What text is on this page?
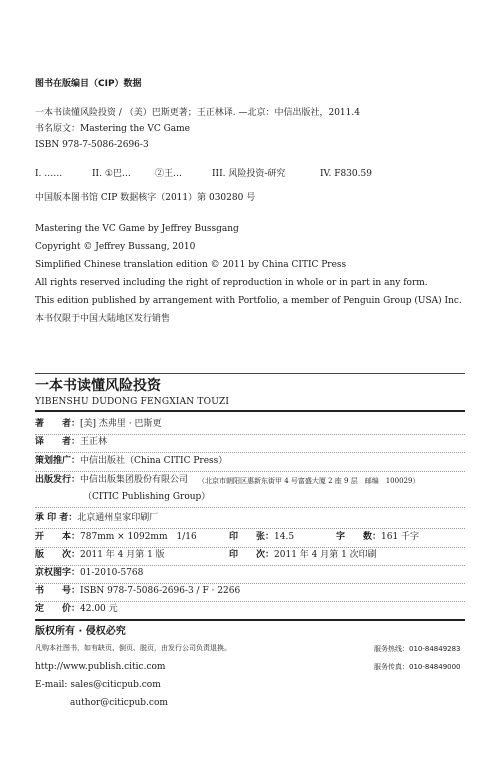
图书在版编目（CIP）数据
一本书读懂风险投资 / （美）巴斯更著；王正林译. —北京：中信出版社，2011.4
书名原文：Mastering the VC Game
ISBN 978-7-5086-2696-3
I. ……	II. ①巴…	②王…	III. 风险投资-研究	IV. F830.59
中国版本图书馆 CIP 数据核字（2011）第 030280 号
Mastering the VC Game by Jeffrey Bussgang
Copyright © Jeffrey Bussang, 2010
Simplified Chinese translation edition © 2011 by China CITIC Press
All rights reserved including the right of reproduction in whole or in part in any form.
This edition published by arrangement with Portfolio, a member of Penguin Group (USA) Inc.
本书仅限于中国大陆地区发行销售
一本书读懂风险投资
YIBENSHU DUDONG FENGXIAN TOUZI
著　　者：[美] 杰弗里 · 巴斯更
译　　者：王正林
策划推广：中信出版社（China CITIC Press）
出版发行：中信出版集团股份有限公司 （北京市朝阳区惠新东街甲 4 号富盛大厦 2 座 9 层　邮编　100029）
（CITIC Publishing Group）
承 印 者：北京通州皇家印刷厂
开　　本：787mm × 1092mm　1/16	印　　张：14.5	字　　数：161 千字
版　　次：2011 年 4 月第 1 版	印　　次：2011 年 4 月第 1 次印刷
京权图字：01-2010-5768
书　　号：ISBN 978-7-5086-2696-3 / F · 2266
定　　价：42.00 元
版权所有 · 侵权必究
凡购本社图书，如有缺页、倒页、脱页，由发行公司负责退换。	服务热线：010-84849283
服务传真：010-84849000
http://www.publish.citic.com
E-mail: sales@citicpub.com
author@citicpub.com
